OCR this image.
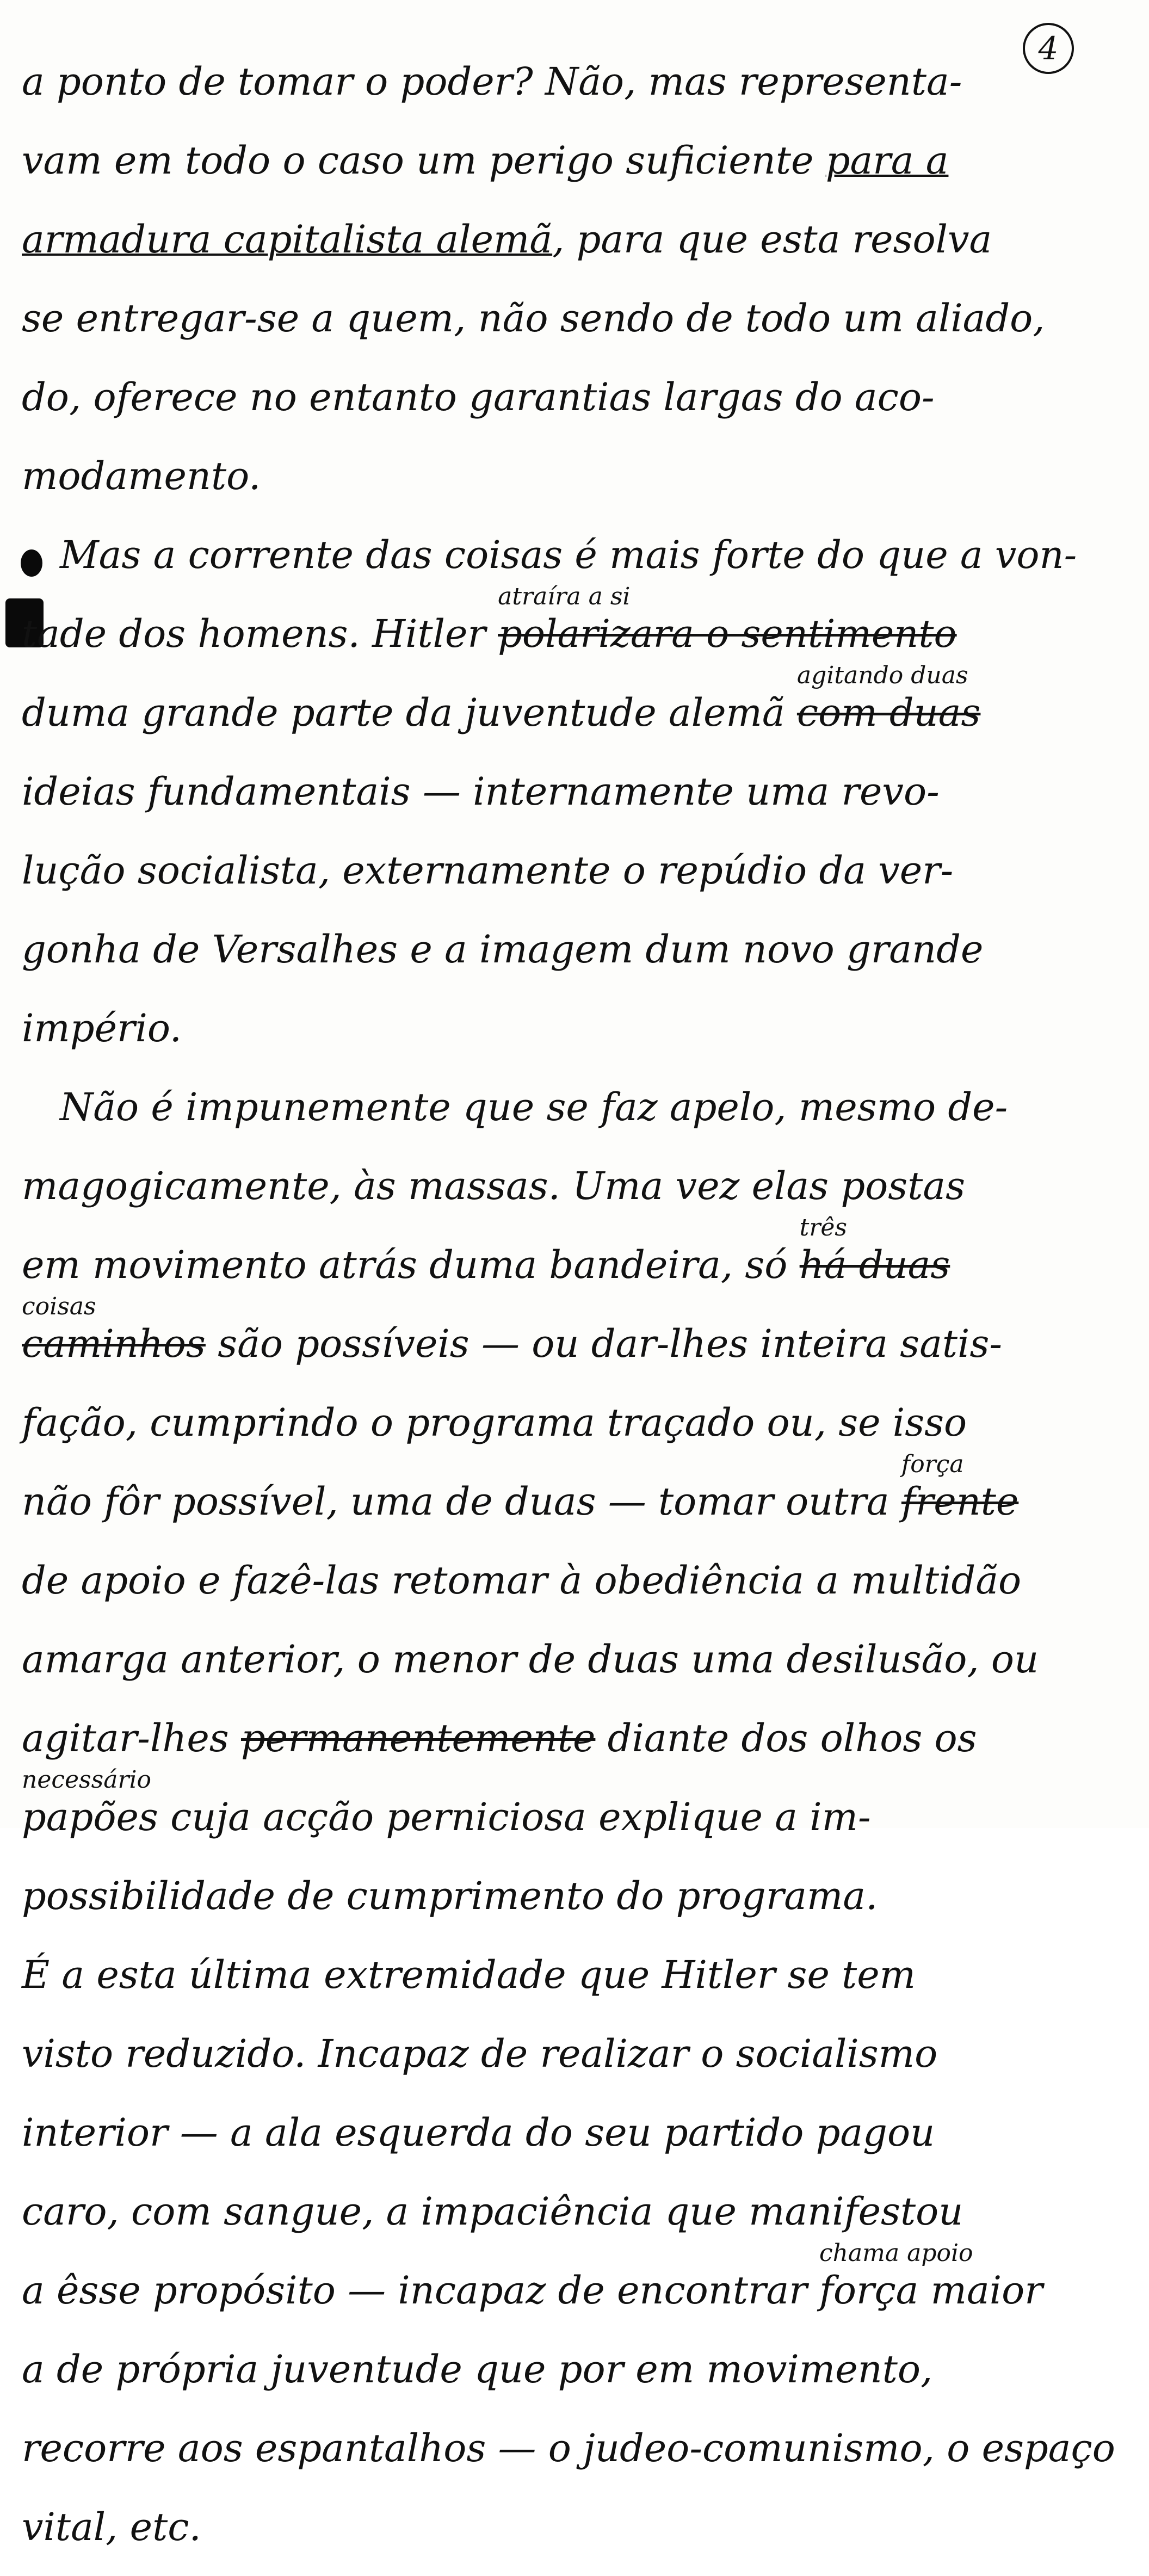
4
a ponto de tomar o poder? Não, mas representa-
vam em todo o caso um perigo suficiente para a
armadura capitalista alemã, para que esta resolva
se entregar-se a quem, não sendo de todo um aliado,
do, oferece no entanto garantias largas do aco-
modamento.
Mas a corrente das coisas é mais forte do que a von-
tade dos homens. Hitler polarizara o sentimento
atraíra a si
duma grande parte da juventude alemã com duas
agitando duas
ideias fundamentais — internamente uma revo-
lução socialista, externamente o repúdio da ver-
gonha de Versalhes e a imagem dum novo grande
império.
Não é impunemente que se faz apelo, mesmo de-
magogicamente, às massas. Uma vez elas postas
em movimento atrás duma bandeira, só há duas
três
caminhos
coisas
são possíveis — ou dar-lhes inteira satis-
fação, cumprindo o programa traçado ou, se isso
não fôr possível, uma de duas — tomar outra frente
força
de apoio e fazê-las retomar à obediência a multidão
amarga anterior, o menor de duas uma desilusão, ou
agitar-lhes permanentemente diante dos olhos os
papões
necessário
cuja acção perniciosa explique a im-
possibilidade de cumprimento do programa.
É a esta última extremidade que Hitler se tem
visto reduzido. Incapaz de realizar o socialismo
interior — a ala esquerda do seu partido pagou
caro, com sangue, a impaciência que manifestou
a êsse propósito — incapaz de encontrar força maior
chama apoio
a de própria juventude que por em movimento,
recorre aos espantalhos — o judeo-comunismo, o espaço
vital, etc.
